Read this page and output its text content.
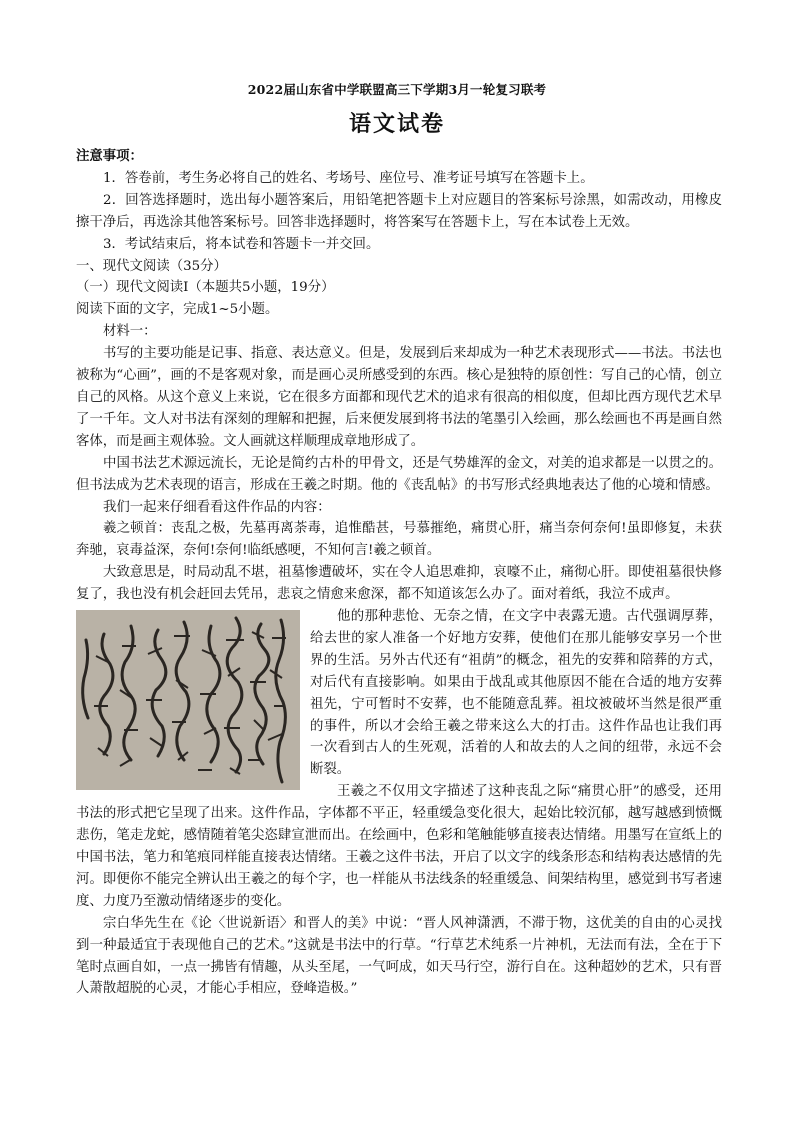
2022届山东省中学联盟高三下学期3月一轮复习联考
语文试卷

注意事项：

1．答卷前，考生务必将自己的姓名、考场号、座位号、准考证号填写在答题卡上。

2．回答选择题时，选出每小题答案后，用铅笔把答题卡上对应题目的答案标号涂黑，如需改动，用橡皮擦干净后，再选涂其他答案标号。回答非选择题时，将答案写在答题卡上，写在本试卷上无效。

3．考试结束后，将本试卷和答题卡一并交回。

一、现代文阅读（35分）

（一）现代文阅读Ⅰ（本题共5小题，19分）

阅读下面的文字，完成1~5小题。

材料一：

书写的主要功能是记事、指意、表达意义。但是，发展到后来却成为一种艺术表现形式——书法。书法也被称为“心画”，画的不是客观对象，而是画心灵所感受到的东西。核心是独特的原创性：写自己的心情，创立自己的风格。从这个意义上来说，它在很多方面都和现代艺术的追求有很高的相似度，但却比西方现代艺术早了一千年。文人对书法有深刻的理解和把握，后来便发展到将书法的笔墨引入绘画，那么绘画也不再是画自然客体，而是画主观体验。文人画就这样顺理成章地形成了。

中国书法艺术源远流长，无论是简约古朴的甲骨文，还是气势雄浑的金文，对美的追求都是一以贯之的。但书法成为艺术表现的语言，形成在王羲之时期。他的《丧乱帖》的书写形式经典地表达了他的心境和情感。

我们一起来仔细看看这件作品的内容：

羲之顿首：丧乱之极，先墓再离荼毒，追惟酷甚，号慕摧绝，痛贯心肝，痛当奈何奈何!虽即修复，未获奔驰，哀毒益深，奈何!奈何!临纸感哽，不知何言!羲之顿首。

大致意思是，时局动乱不堪，祖墓惨遭破坏，实在令人追思难抑，哀嚎不止，痛彻心肝。即使祖墓很快修复了，我也没有机会赶回去凭吊，悲哀之情愈来愈深，都不知道该怎么办了。面对着纸，我泣不成声。

他的那种悲怆、无奈之情，在文字中表露无遗。古代强调厚葬，给去世的家人准备一个好地方安葬，使他们在那儿能够安享另一个世界的生活。另外古代还有“祖荫”的概念，祖先的安葬和陪葬的方式，对后代有直接影响。如果由于战乱或其他原因不能在合适的地方安葬祖先，宁可暂时不安葬，也不能随意乱葬。祖坟被破坏当然是很严重的事件，所以才会给王羲之带来这么大的打击。这件作品也让我们再一次看到古人的生死观，活着的人和故去的人之间的纽带，永远不会断裂。

王羲之不仅用文字描述了这种丧乱之际“痛贯心肝”的感受，还用书法的形式把它呈现了出来。这件作品，字体都不平正，轻重缓急变化很大，起始比较沉郁，越写越感到愤慨悲伤，笔走龙蛇，感情随着笔尖恣肆宣泄而出。在绘画中，色彩和笔触能够直接表达情绪。用墨写在宣纸上的中国书法，笔力和笔痕同样能直接表达情绪。王羲之这件书法，开启了以文字的线条形态和结构表达感情的先河。即便你不能完全辨认出王羲之的每个字，也一样能从书法线条的轻重缓急、间架结构里，感觉到书写者速度、力度乃至激动情绪逐步的变化。

宗白华先生在《论〈世说新语〉和晋人的美》中说：“晋人风神潇洒，不滞于物，这优美的自由的心灵找到一种最适宜于表现他自己的艺术。”这就是书法中的行草。“行草艺术纯系一片神机，无法而有法，全在于下笔时点画自如，一点一拂皆有情趣，从头至尾，一气呵成，如天马行空，游行自在。这种超妙的艺术，只有晋人萧散超脱的心灵，才能心手相应，登峰造极。”
